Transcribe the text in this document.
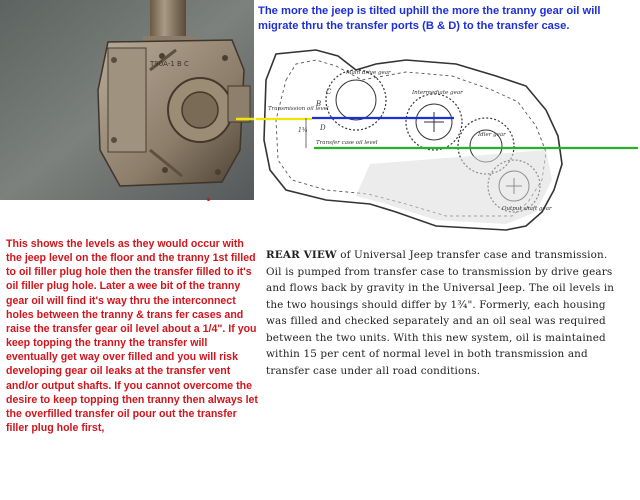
T90A-1 B C
The more the jeep is tilted uphill the more the tranny gear oil will migrate thru the transfer ports (B & D) to the transfer case.
Main drive gear
Intermediate gear
Transmission oil level
Transfer case oil level
Idler gear
Output shaft gear
B
C
D
1¾
This shows the levels as they would occur with the jeep level on the floor and the tranny 1st filled to oil filler plug hole then the transfer filled to it's oil filler plug hole. Later a wee bit of the tranny gear oil will find it's way thru the interconnect holes between the tranny & trans fer cases and raise the transfer gear oil level about a 1/4". If you keep topping the tranny the transfer will eventually get way over filled and you will risk developing gear oil leaks at the transfer vent and/or output shafts. If you cannot overcome the desire to keep topping then tranny then always let the overfilled transfer oil pour out the transfer filler plug hole first,
REAR VIEW of Universal Jeep transfer case and transmission. Oil is pumped from transfer case to transmission by drive gears and flows back by gravity in the Universal Jeep. The oil levels in the two housings should differ by 1¾". Formerly, each housing was filled and checked separately and an oil seal was required between the two units. With this new system, oil is maintained within 15 per cent of normal level in both transmission and transfer case under all road conditions.
